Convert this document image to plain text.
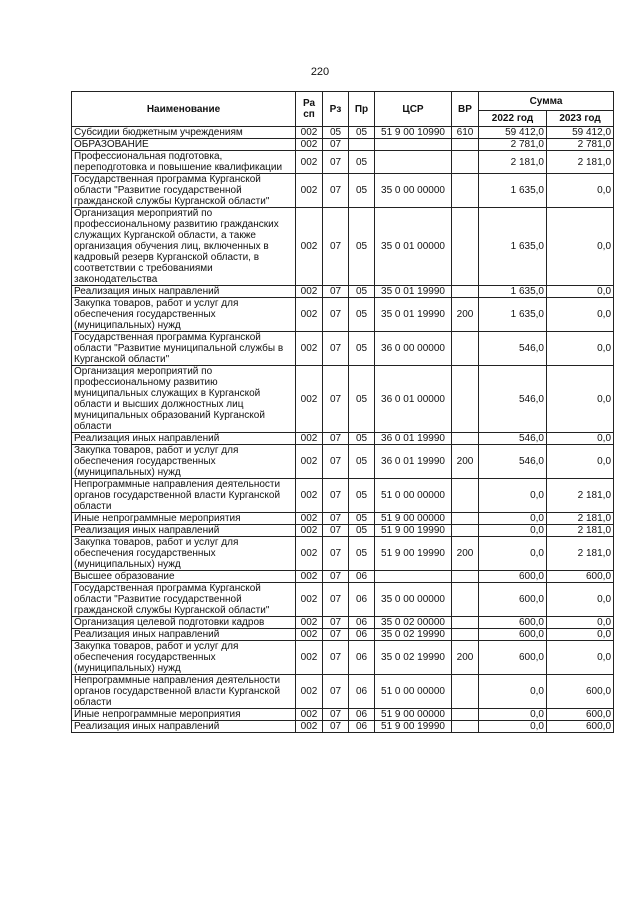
220
Наименование	Ра сп	Рз	Пр	ЦСР	ВР	Сумма	
						2022 год	2023 год
Субсидии бюджетным учреждениям	002	05	05	51 9 00 10990	610	59 412,0	59 412,0
ОБРАЗОВАНИЕ	002	07				2 781,0	2 781,0
Профессиональная подготовка, переподготовка и повышение квалификации	002	07	05			2 181,0	2 181,0
Государственная программа Курганской области "Развитие государственной гражданской службы Курганской области"	002	07	05	35 0 00 00000		1 635,0	0,0
Организация мероприятий по профессиональному развитию гражданских служащих Курганской области, а также организация обучения лиц, включенных в кадровый резерв Курганской области, в соответствии с требованиями законодательства	002	07	05	35 0 01 00000		1 635,0	0,0
Реализация иных направлений	002	07	05	35 0 01 19990		1 635,0	0,0
Закупка товаров, работ и услуг для обеспечения государственных (муниципальных) нужд	002	07	05	35 0 01 19990	200	1 635,0	0,0
Государственная программа Курганской области "Развитие муниципальной службы в Курганской области"	002	07	05	36 0 00 00000		546,0	0,0
Организация мероприятий по профессиональному развитию муниципальных служащих в Курганской области и высших должностных лиц муниципальных образований Курганской области	002	07	05	36 0 01 00000		546,0	0,0
Реализация иных направлений	002	07	05	36 0 01 19990		546,0	0,0
Закупка товаров, работ и услуг для обеспечения государственных (муниципальных) нужд	002	07	05	36 0 01 19990	200	546,0	0,0
Непрограммные направления деятельности органов государственной власти Курганской области	002	07	05	51 0 00 00000		0,0	2 181,0
Иные непрограммные мероприятия	002	07	05	51 9 00 00000		0,0	2 181,0
Реализация иных направлений	002	07	05	51 9 00 19990		0,0	2 181,0
Закупка товаров, работ и услуг для обеспечения государственных (муниципальных) нужд	002	07	05	51 9 00 19990	200	0,0	2 181,0
Высшее образование	002	07	06			600,0	600,0
Государственная программа Курганской области "Развитие государственной гражданской службы Курганской области"	002	07	06	35 0 00 00000		600,0	0,0
Организация целевой подготовки кадров	002	07	06	35 0 02 00000		600,0	0,0
Реализация иных направлений	002	07	06	35 0 02 19990		600,0	0,0
Закупка товаров, работ и услуг для обеспечения государственных (муниципальных) нужд	002	07	06	35 0 02 19990	200	600,0	0,0
Непрограммные направления деятельности органов государственной власти Курганской области	002	07	06	51 0 00 00000		0,0	600,0
Иные непрограммные мероприятия	002	07	06	51 9 00 00000		0,0	600,0
Реализация иных направлений	002	07	06	51 9 00 19990		0,0	600,0
